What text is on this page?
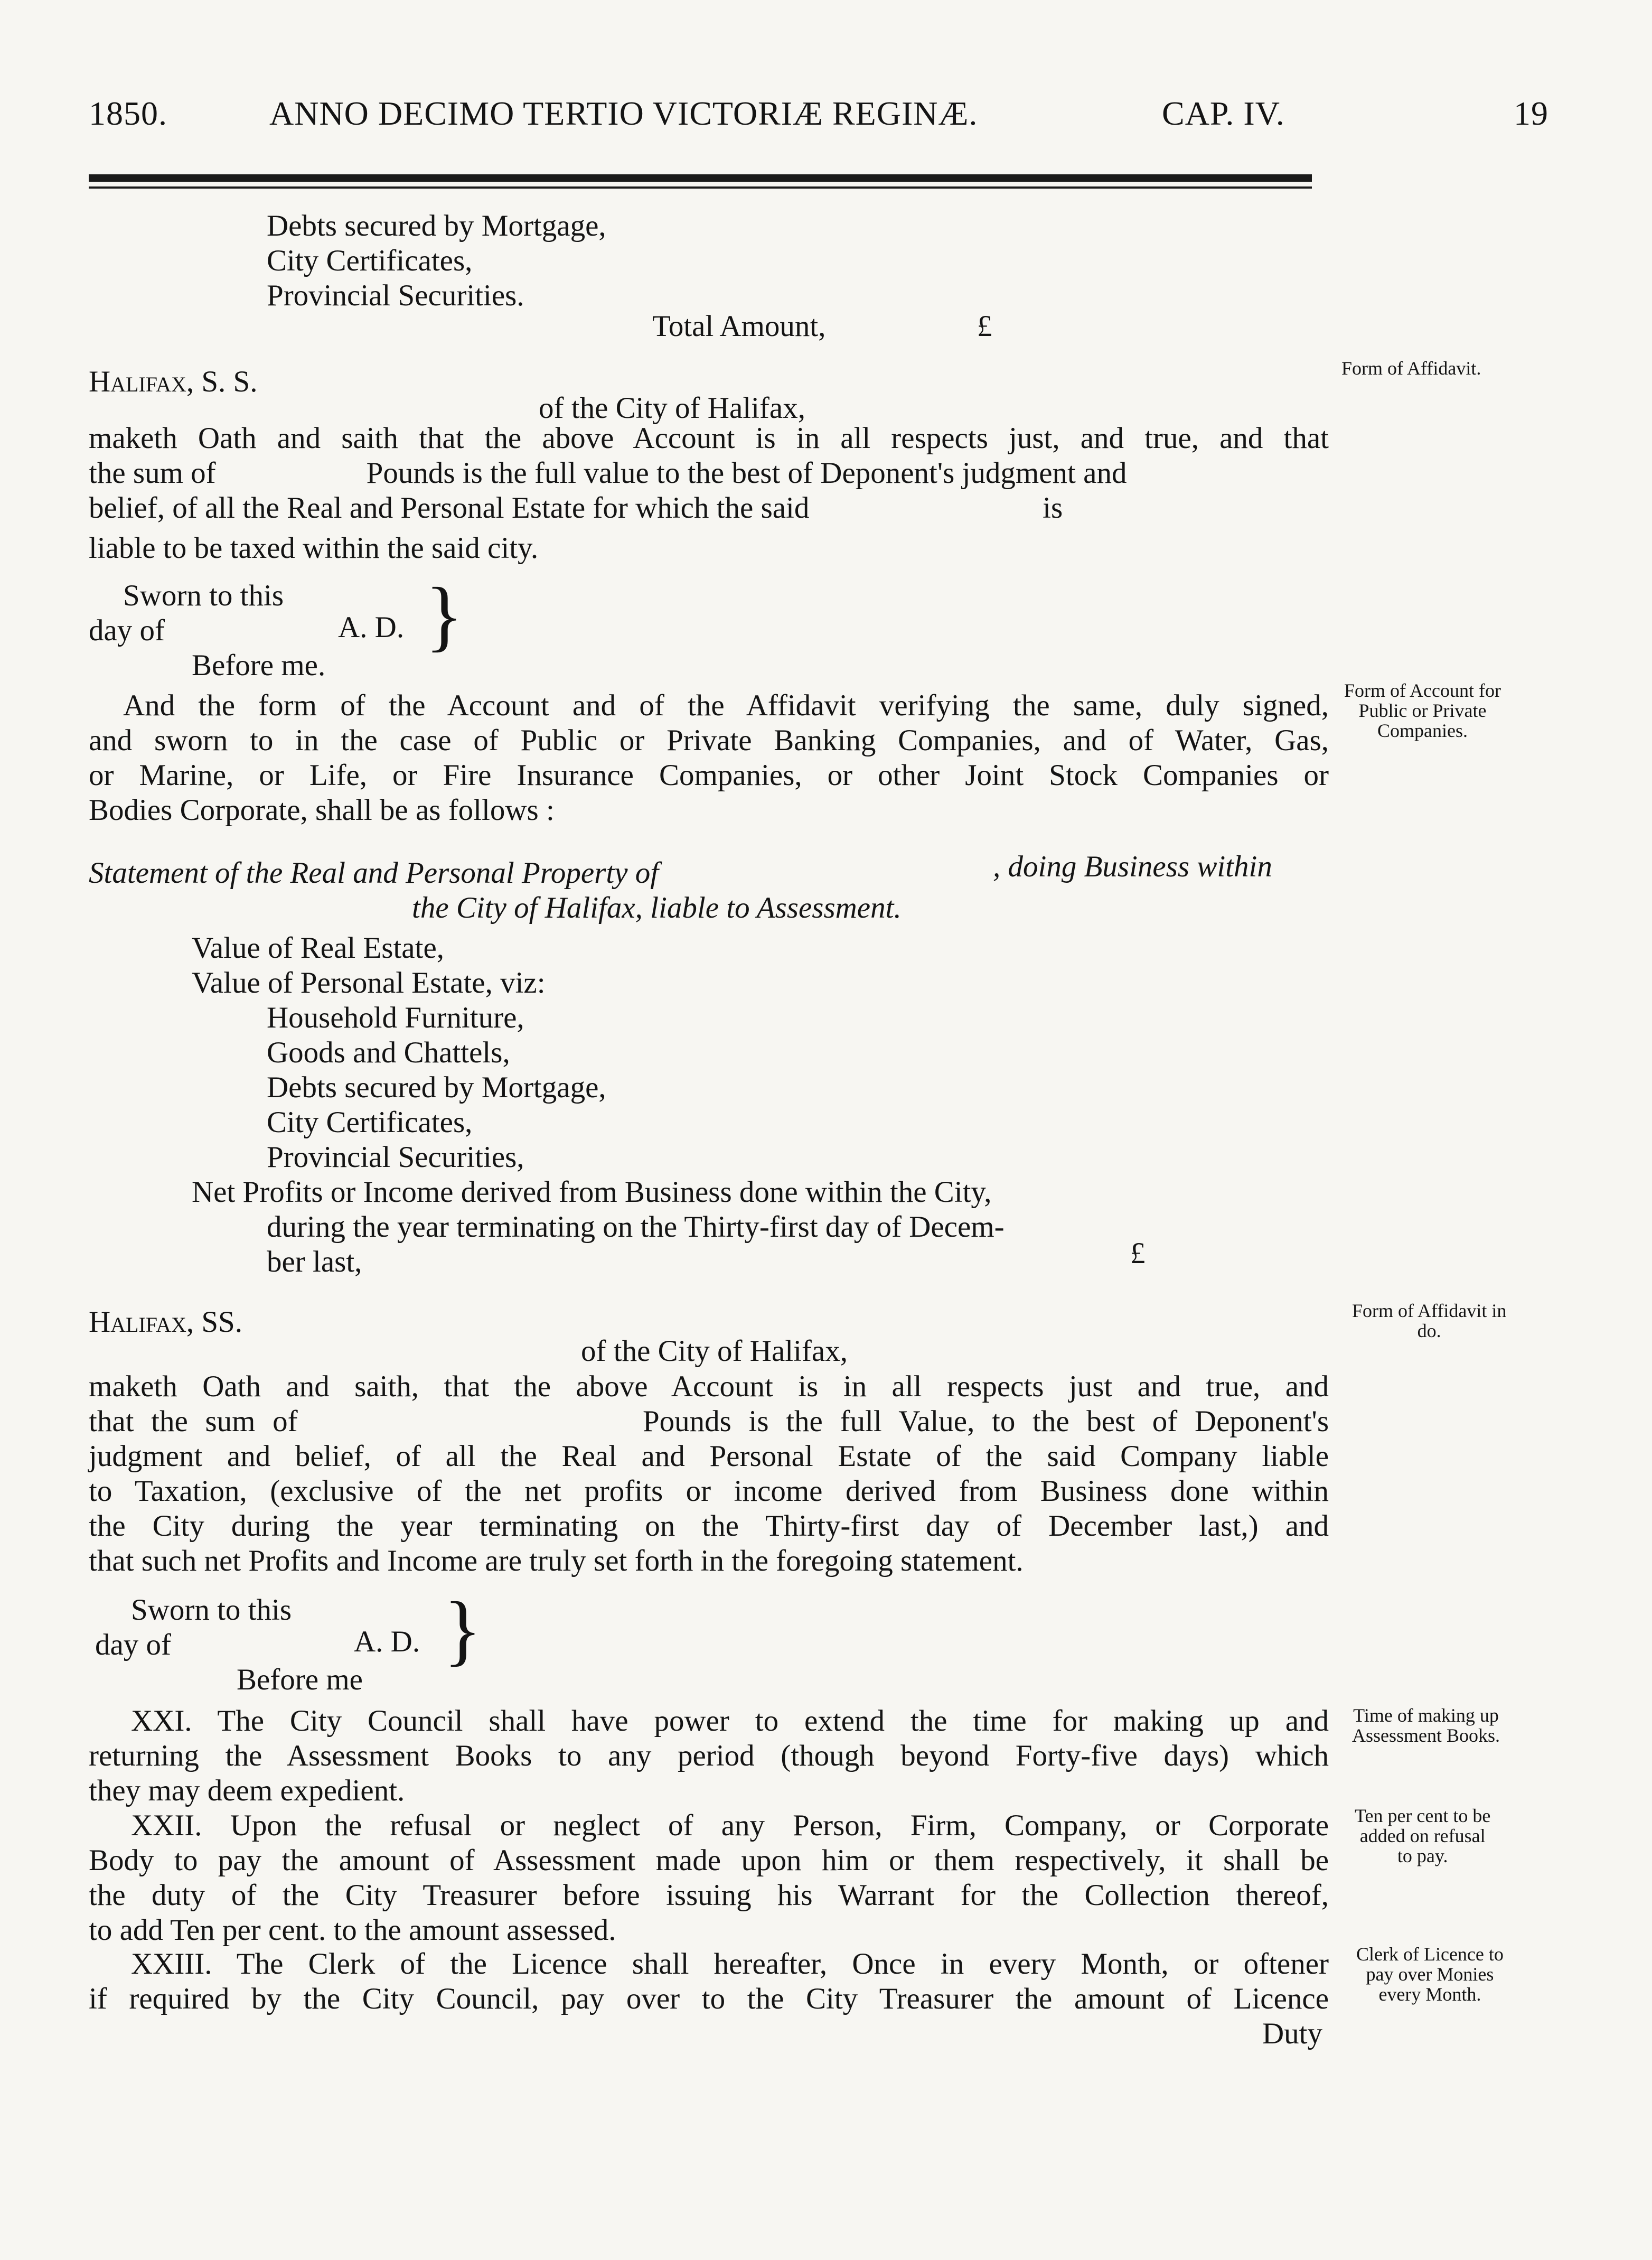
1850.	ANNO DECIMO TERTIO VICTORIÆ REGINÆ.	CAP. IV.	19
Debts secured by Mortgage,
City Certificates,
Provincial Securities.
Total Amount,	£
Halifax, S. S.	Form of Affidavit.
of the City of Halifax,
maketh Oath and saith that the above Account is in all respects just, and true, and that
the sum of                    Pounds is the full value to the best of Deponent's judgment and
belief, of all the Real and Personal Estate for which the said                               is
liable to be taxed within the said city.
Sworn to this
day of	A. D.
Before me.
}
And the form of the Account and of the Affidavit verifying the same, duly signed,
and sworn to in the case of Public or Private Banking Companies, and of Water, Gas,
or Marine, or Life, or Fire Insurance Companies, or other Joint Stock Companies or
Bodies Corporate, shall be as follows :
Form of Account for
Public or Private
Companies.
Statement of the Real and Personal Property of	, doing Business within
the City of Halifax, liable to Assessment.
Value of Real Estate,
Value of Personal Estate, viz:
Household Furniture,
Goods and Chattels,
Debts secured by Mortgage,
City Certificates,
Provincial Securities,
Net Profits or Income derived from Business done within the City,
during the year terminating on the Thirty-first day of Decem-
ber last,	£
Halifax, SS.	Form of Affidavit in
do.
of the City of Halifax,
maketh Oath and saith, that the above Account is in all respects just and true, and
that the sum of                    Pounds is the full Value, to the best of Deponent's
judgment and belief, of all the Real and Personal Estate of the said Company liable
to Taxation, (exclusive of the net profits or income derived from Business done within
the City during the year terminating on the Thirty-first day of December last,) and
that such net Profits and Income are truly set forth in the foregoing statement.
Sworn to this
day of	A. D.
Before me
}
XXI. The City Council shall have power to extend the time for making up and
returning the Assessment Books to any period (though beyond Forty-five days) which
they may deem expedient.
Time of making up
Assessment Books.
XXII. Upon the refusal or neglect of any Person, Firm, Company, or Corporate
Body to pay the amount of Assessment made upon him or them respectively, it shall be
the duty of the City Treasurer before issuing his Warrant for the Collection thereof,
to add Ten per cent. to the amount assessed.
Ten per cent to be
added on refusal
to pay.
XXIII. The Clerk of the Licence shall hereafter, Once in every Month, or oftener
if required by the City Council, pay over to the City Treasurer the amount of Licence
Duty
Clerk of Licence to
pay over Monies
every Month.
